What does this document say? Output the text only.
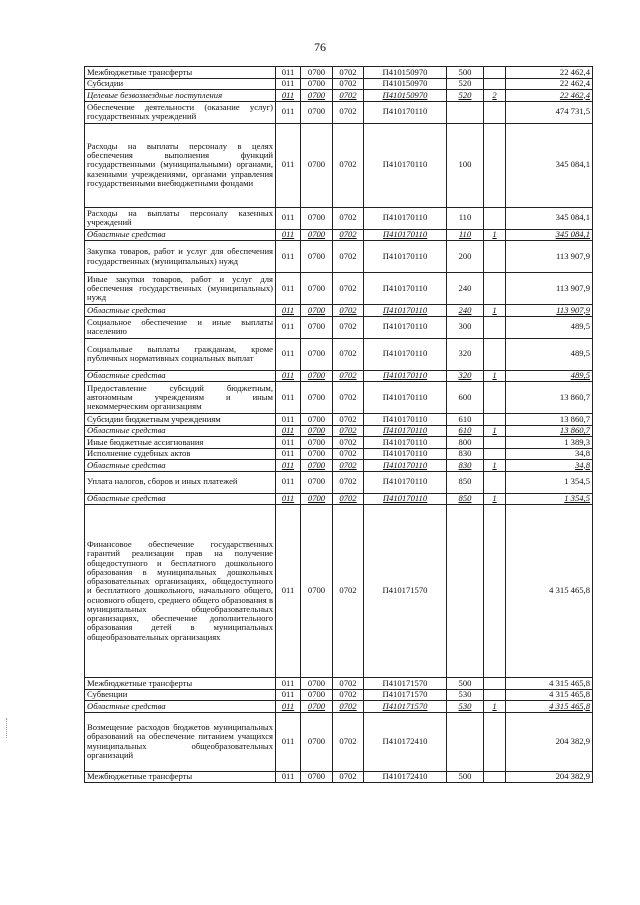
76
Межбюджетные трансферты	011	0700	0702	П410150970	500		22 462,4
Субсидии	011	0700	0702	П410150970	520		22 462,4
Целевые безвозмездные поступления	011	0700	0702	П410150970	520	2	22 462,4
Обеспечение деятельности (оказание услуг) государственных учреждений	011	0700	0702	П410170110			474 731,5
Расходы на выплаты персоналу в целях обеспечения выполнения функций государственными (муниципальными) органами, казенными учреждениями, органами управления государственными внебюджетными фондами	011	0700	0702	П410170110	100		345 084,1
Расходы на выплаты персоналу казенных учреждений	011	0700	0702	П410170110	110		345 084,1
Областные средства	011	0700	0702	П410170110	110	1	345 084,1
Закупка товаров, работ и услуг для обеспечения государственных (муниципальных) нужд	011	0700	0702	П410170110	200		113 907,9
Иные закупки товаров, работ и услуг для обеспечения государственных (муниципальных) нужд	011	0700	0702	П410170110	240		113 907,9
Областные средства	011	0700	0702	П410170110	240	1	113 907,9
Социальное обеспечение и иные выплаты населению	011	0700	0702	П410170110	300		489,5
Социальные выплаты гражданам, кроме публичных нормативных социальных выплат	011	0700	0702	П410170110	320		489,5
Областные средства	011	0700	0702	П410170110	320	1	489,5
Предоставление субсидий бюджетным, автономным учреждениям и иным некоммерческим организациям	011	0700	0702	П410170110	600		13 860,7
Субсидии бюджетным учреждениям	011	0700	0702	П410170110	610		13 860,7
Областные средства	011	0700	0702	П410170110	610	1	13 860,7
Иные бюджетные ассигнования	011	0700	0702	П410170110	800		1 389,3
Исполнение судебных актов	011	0700	0702	П410170110	830		34,8
Областные средства	011	0700	0702	П410170110	830	1	34,8
Уплата налогов, сборов и иных платежей	011	0700	0702	П410170110	850		1 354,5
Областные средства	011	0700	0702	П410170110	850	1	1 354,5
Финансовое обеспечение государственных гарантий реализации прав на получение общедоступного и бесплатного дошкольного образования в муниципальных дошкольных образовательных организациях, общедоступного и бесплатного дошкольного, начального общего, основного общего, среднего общего образования в муниципальных общеобразовательных организациях, обеспечение дополнительного образования детей в муниципальных общеобразовательных организациях	011	0700	0702	П410171570			4 315 465,8
Межбюджетные трансферты	011	0700	0702	П410171570	500		4 315 465,8
Субвенции	011	0700	0702	П410171570	530		4 315 465,8
Областные средства	011	0700	0702	П410171570	530	1	4 315 465,8
Возмещение расходов бюджетов муниципальных образований на обеспечение питанием учащихся муниципальных общеобразовательных организаций	011	0700	0702	П410172410			204 382,9
Межбюджетные трансферты	011	0700	0702	П410172410	500		204 382,9
